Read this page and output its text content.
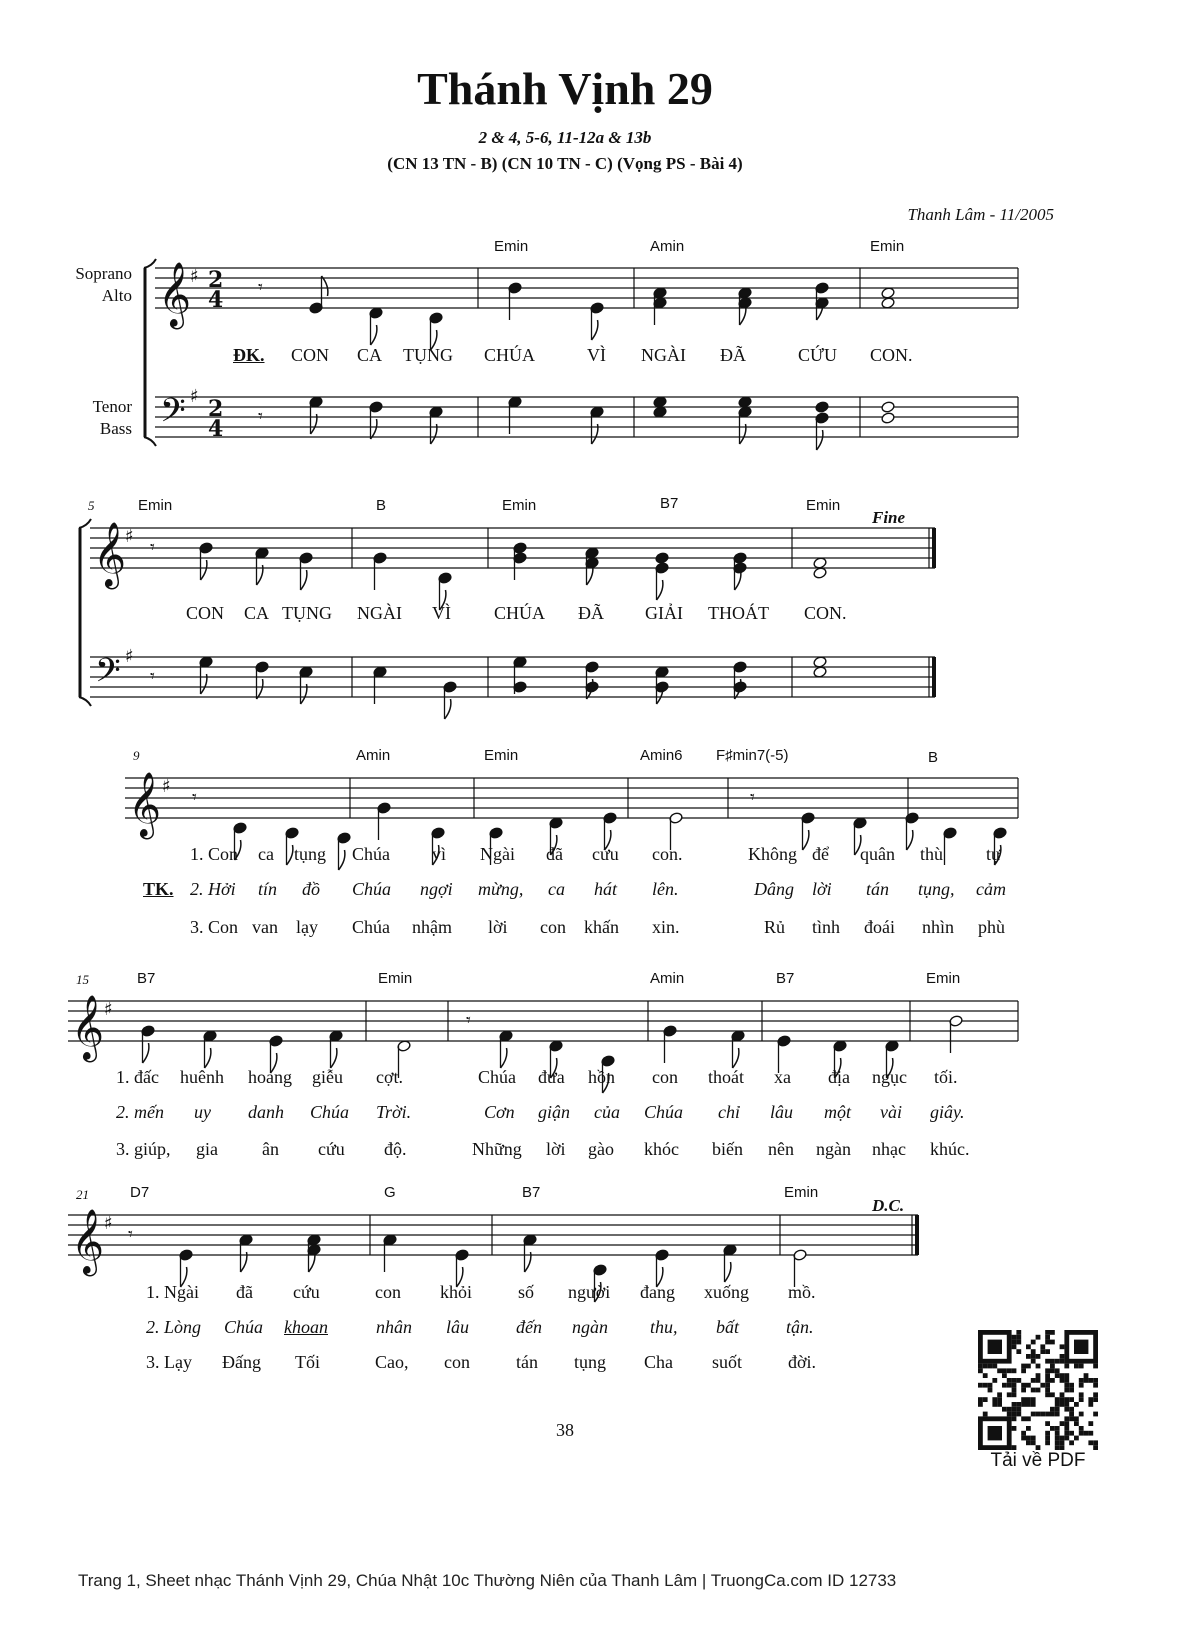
Thánh Vịnh 29
2 & 4, 5-6, 11-12a & 13b
(CN 13 TN - B) (CN 10 TN - C) (Vọng PS - Bài 4)
Thanh Lâm - 11/2005
Soprano
Alto
Tenor
Bass
𝄞
𝄢
♯
♯
2
4
2
4
𝄾
𝄾
𝄞
𝄢
♯
♯
𝄾
𝄾
𝄞 ♯
𝄾	𝄾
𝄞 ♯
𝄾
𝄞 ♯
𝄾
5
9
15
21
Fine
D.C.
Emin	Amin	Emin
ĐK. CON CA TỤNG CHÚA	VÌ NGÀI ĐÃ	CỨU CON.
Emin	B	Emin	B7	Emin
CON CA TỤNG NGÀI VÌ CHÚA ĐÃ GIẢI THOÁT CON.
Amin	Emin	Amin6 F♯min7(-5)	B
1. Con ca tụng Chúa vì Ngài đã cứu con.	Không để quân thù tự
TK. 2. Hởi tín đồ Chúa ngợi mừng, ca hát lên.	Dâng lời tán tụng, cảm
3. Con van lạy Chúa nhậm lời con khấn xin.	Rủ tình đoái nhìn phù
B7	Emin	Amin	B7	Emin
1. đấc huênh hoang giễu cợt.	Chúa đưa hồn con thoát xa địa ngục tối.
2. mến uy danh Chúa Trời.	Cơn giận của Chúa chỉ lâu một vài giây.
3. giúp, gia ân cứu độ.	Những lời gào khóc biến nên ngàn nhạc khúc.
D7	G	B7	Emin
1. Ngài đã cứu	con khỏi	số người đang xuống mồ.
2. Lòng Chúa khoan	nhân lâu	đến ngàn thu, bất	tận.
3. Lạy Đấng Tối	Cao, con	tán tụng Cha suốt	đời.
38
Tải về PDF
Trang 1, Sheet nhạc Thánh Vịnh 29, Chúa Nhật 10c Thường Niên của Thanh Lâm | TruongCa.com ID 12733
